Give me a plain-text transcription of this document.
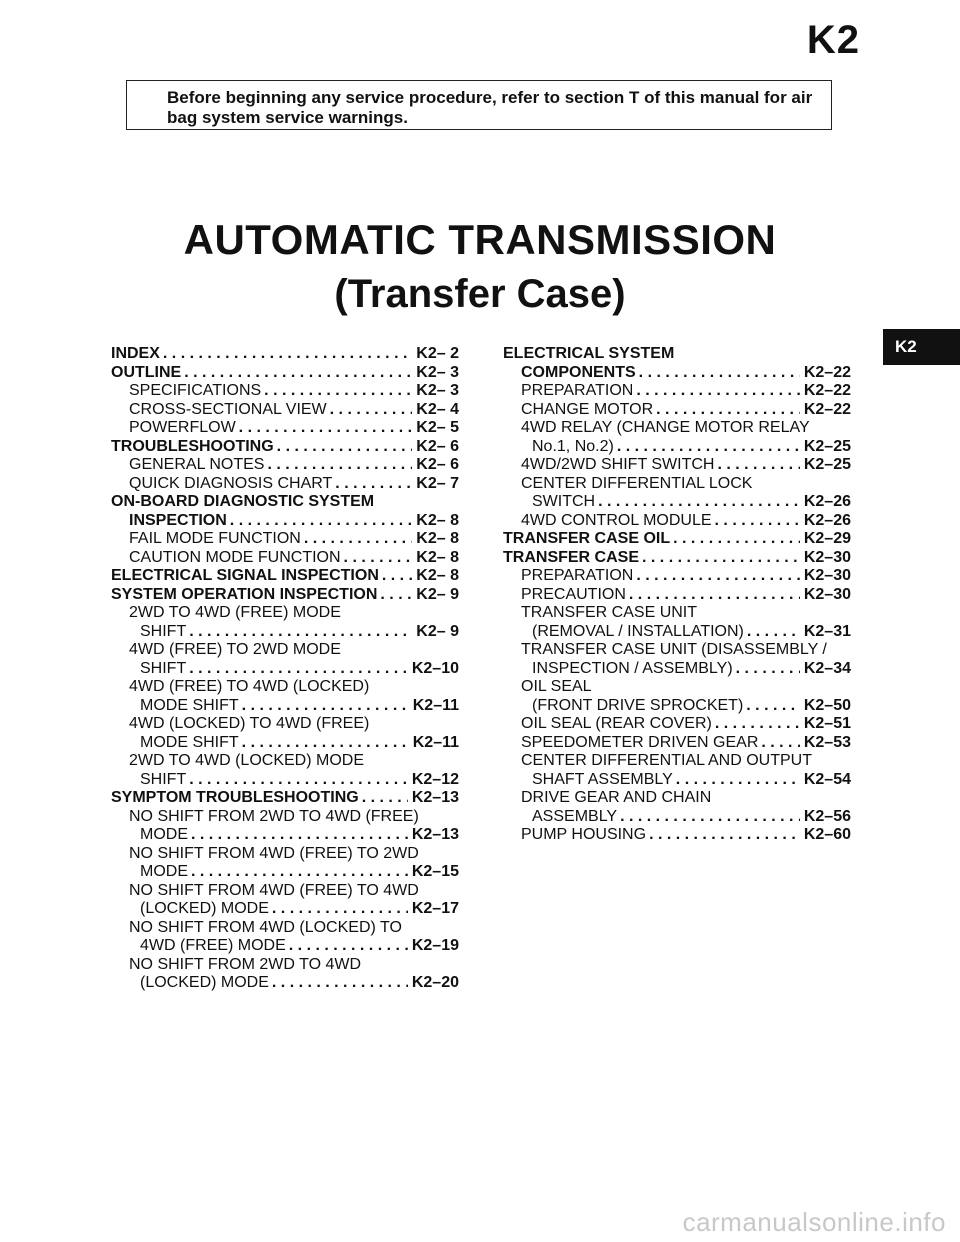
K2
Before beginning any service procedure, refer to section T of this manual for air bag system service warnings.
AUTOMATIC TRANSMISSION
(Transfer Case)
K2
INDEX . . .	K2– 2
OUTLINE . . .	K2– 3
SPECIFICATIONS . . .	K2– 3
CROSS-SECTIONAL VIEW . . .	K2– 4
POWERFLOW . . .	K2– 5
TROUBLESHOOTING . . .	K2– 6
GENERAL NOTES . . .	K2– 6
QUICK DIAGNOSIS CHART . . .	K2– 7
ON-BOARD DIAGNOSTIC SYSTEM
INSPECTION . . .	K2– 8
FAIL MODE FUNCTION . . .	K2– 8
CAUTION MODE FUNCTION . . .	K2– 8
ELECTRICAL SIGNAL INSPECTION . . . K2– 8
SYSTEM OPERATION INSPECTION . . . K2– 9
2WD TO 4WD (FREE) MODE
SHIFT . . .	K2– 9
4WD (FREE) TO 2WD MODE
SHIFT . . .	K2–10
4WD (FREE) TO 4WD (LOCKED)
MODE SHIFT . . .	K2–11
4WD (LOCKED) TO 4WD (FREE)
MODE SHIFT . . .	K2–11
2WD TO 4WD (LOCKED) MODE
SHIFT . . .	K2–12
SYMPTOM TROUBLESHOOTING . . .	K2–13
NO SHIFT FROM 2WD TO 4WD (FREE)
MODE . . .	K2–13
NO SHIFT FROM 4WD (FREE) TO 2WD
MODE . . .	K2–15
NO SHIFT FROM 4WD (FREE) TO 4WD
(LOCKED) MODE . . .	K2–17
NO SHIFT FROM 4WD (LOCKED) TO
4WD (FREE) MODE . . .	K2–19
NO SHIFT FROM 2WD TO 4WD
(LOCKED) MODE . . .	K2–20
ELECTRICAL SYSTEM
COMPONENTS . . .	K2–22
PREPARATION . . .	K2–22
CHANGE MOTOR . . .	K2–22
4WD RELAY (CHANGE MOTOR RELAY
No.1, No.2) . . .	K2–25
4WD/2WD SHIFT SWITCH . . .	K2–25
CENTER DIFFERENTIAL LOCK
SWITCH . . .	K2–26
4WD CONTROL MODULE . . .	K2–26
TRANSFER CASE OIL . . .	K2–29
TRANSFER CASE . . .	K2–30
PREPARATION . . .	K2–30
PRECAUTION . . .	K2–30
TRANSFER CASE UNIT
(REMOVAL / INSTALLATION) . . .	K2–31
TRANSFER CASE UNIT (DISASSEMBLY /
INSPECTION / ASSEMBLY) . . .	K2–34
OIL SEAL
(FRONT DRIVE SPROCKET) . . .	K2–50
OIL SEAL (REAR COVER) . . .	K2–51
SPEEDOMETER DRIVEN GEAR . . .	K2–53
CENTER DIFFERENTIAL AND OUTPUT
SHAFT ASSEMBLY . . .	K2–54
DRIVE GEAR AND CHAIN
ASSEMBLY . . .	K2–56
PUMP HOUSING . . .	K2–60
carmanualsonline.info
